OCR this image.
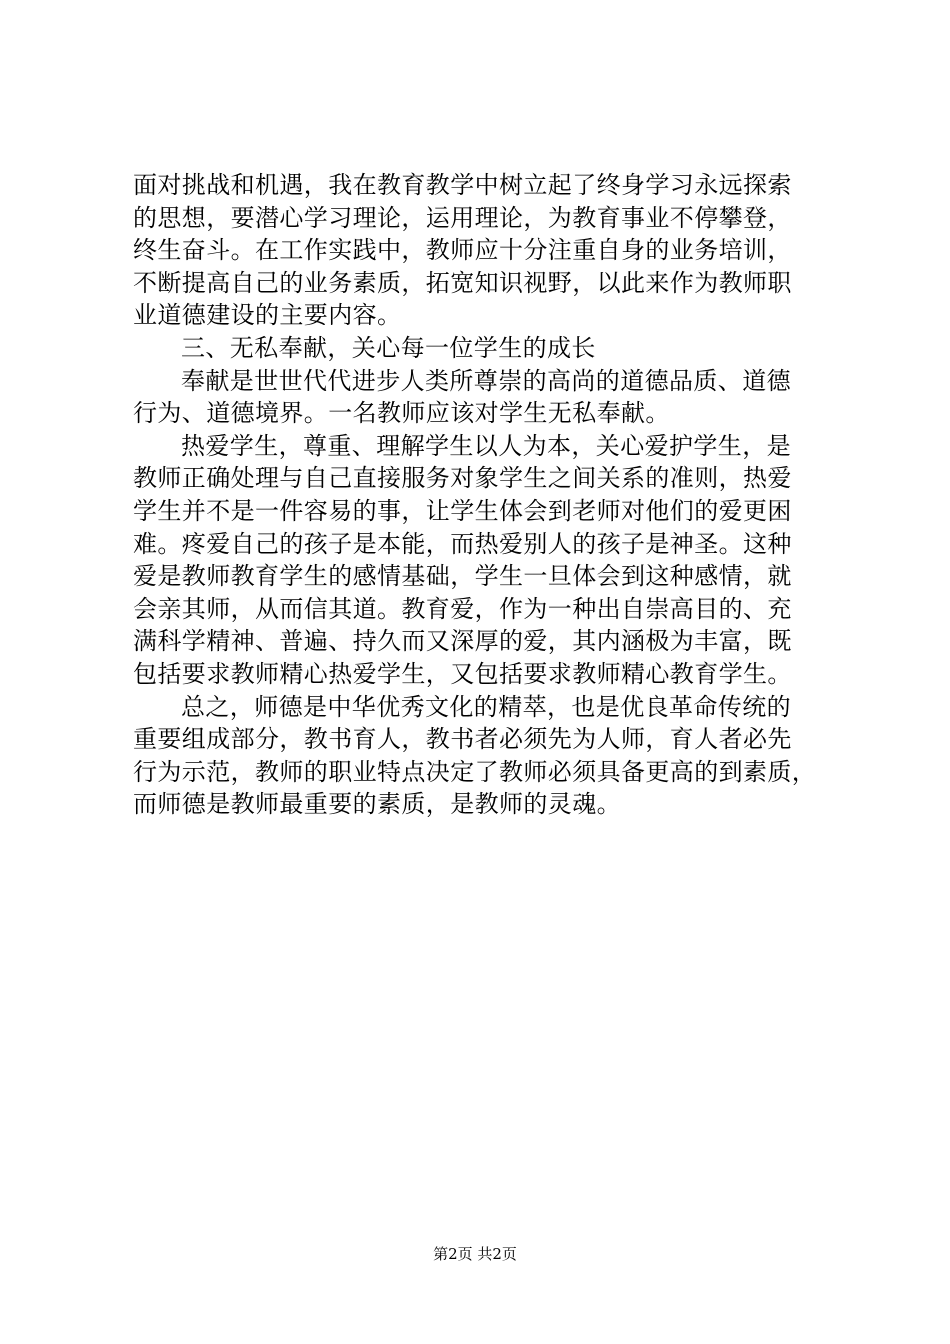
面对挑战和机遇，我在教育教学中树立起了终身学习永远探索
的思想，要潜心学习理论，运用理论，为教育事业不停攀登，
终生奋斗。在工作实践中，教师应十分注重自身的业务培训，
不断提高自己的业务素质，拓宽知识视野，以此来作为教师职
业道德建设的主要内容。
三、无私奉献，关心每一位学生的成长
奉献是世世代代进步人类所尊崇的高尚的道德品质、道德
行为、道德境界。一名教师应该对学生无私奉献。
热爱学生，尊重、理解学生以人为本，关心爱护学生，是
教师正确处理与自己直接服务对象学生之间关系的准则，热爱
学生并不是一件容易的事，让学生体会到老师对他们的爱更困
难。疼爱自己的孩子是本能，而热爱别人的孩子是神圣。这种
爱是教师教育学生的感情基础，学生一旦体会到这种感情，就
会亲其师，从而信其道。教育爱，作为一种出自崇高目的、充
满科学精神、普遍、持久而又深厚的爱，其内涵极为丰富，既
包括要求教师精心热爱学生，又包括要求教师精心教育学生。
总之，师德是中华优秀文化的精萃，也是优良革命传统的
重要组成部分，教书育人，教书者必须先为人师，育人者必先
行为示范，教师的职业特点决定了教师必须具备更高的到素质，
而师德是教师最重要的素质，是教师的灵魂。
第2页 共2页
